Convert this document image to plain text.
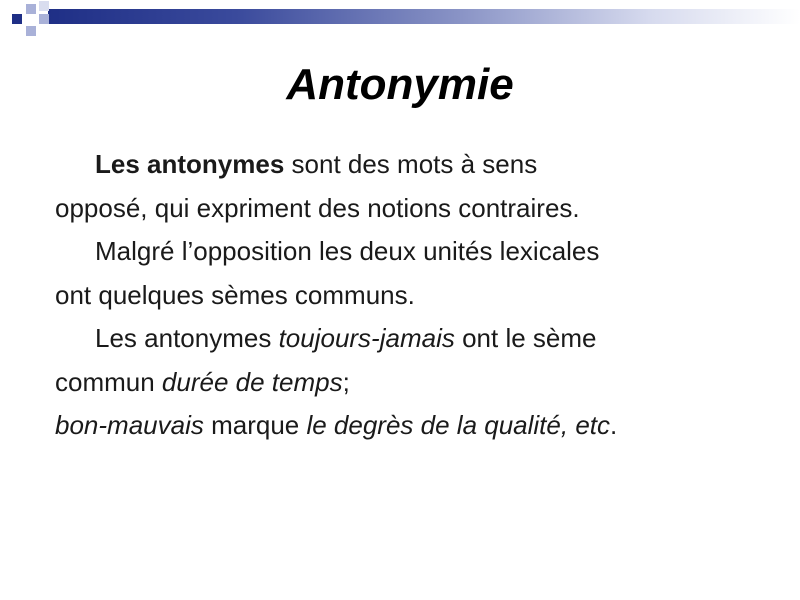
Antonymie
Les antonymes sont des mots à sens
opposé, qui expriment des notions contraires.
Malgré l’opposition les deux unités lexicales
ont quelques sèmes communs.
Les antonymes toujours-jamais ont le sème
commun durée de temps;
bon-mauvais marque le degrès de la qualité, etc.
